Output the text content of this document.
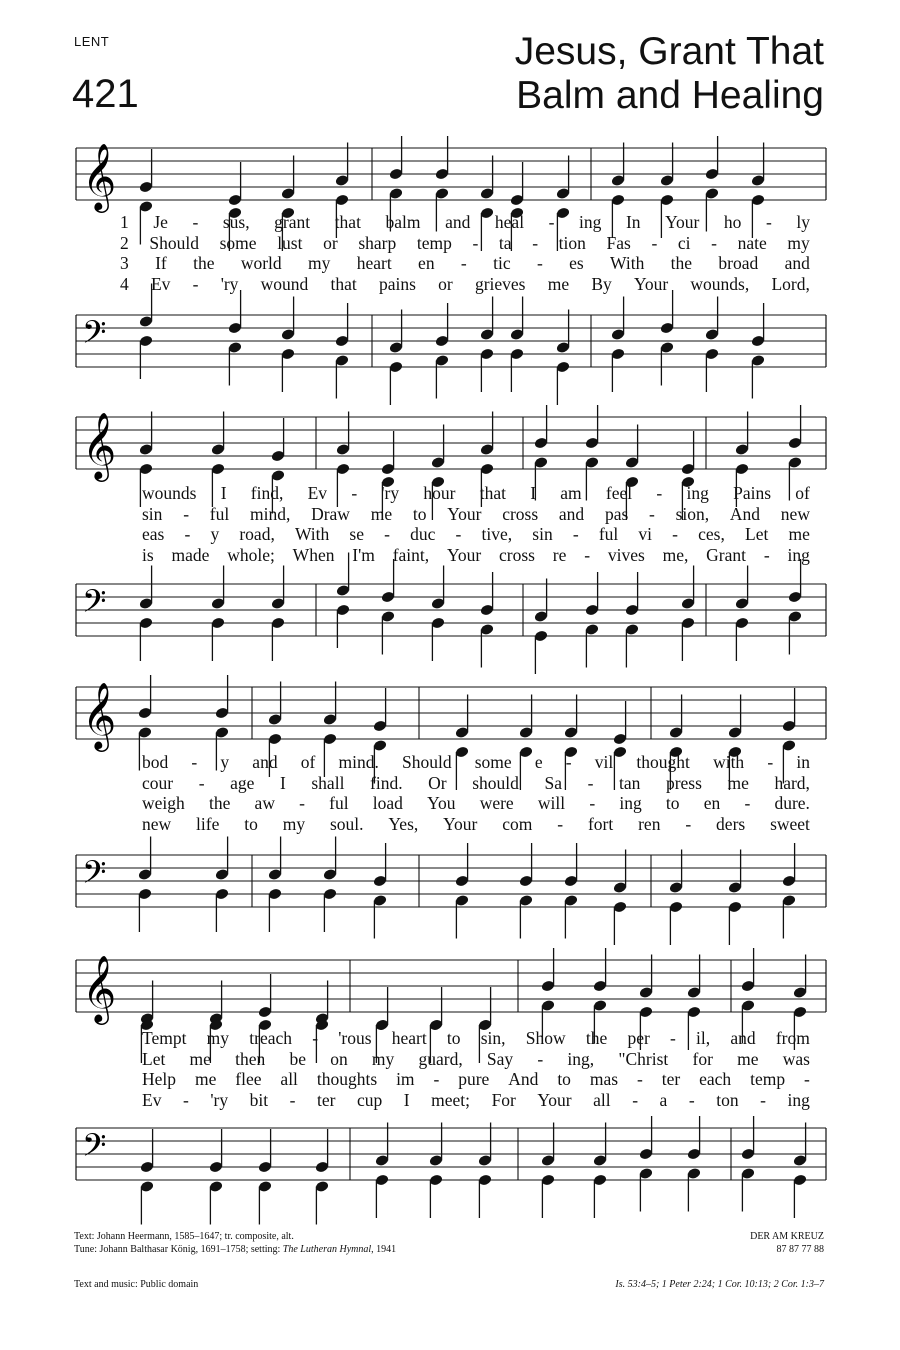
LENT
421
Jesus, Grant That
Balm and Healing
𝄞
𝄢
𝄞
𝄢
𝄞
𝄢
𝄞
𝄢
1 Je - sus, grant that balm and heal - ing In Your ho - ly
2 Should some lust or sharp temp - ta - tion Fas - ci - nate my
3 If the world my heart en - tic - es With the broad and
4 Ev - 'ry wound that pains or grieves me By Your wounds, Lord,
wounds I find, Ev - 'ry hour that I am feel - ing Pains of
sin - ful mind, Draw me to Your cross and pas - sion, And new
eas - y road, With se - duc - tive, sin - ful vi - ces, Let me
is made whole; When I'm faint, Your cross re - vives me, Grant - ing
bod - y and of mind. Should some e - vil thought with - in
cour - age I shall find. Or should Sa - tan press me hard,
weigh the aw - ful load You were will - ing to en - dure.
new life to my soul. Yes, Your com - fort ren - ders sweet
Tempt my treach - 'rous heart to sin, Show the per - il, and from
Let me then be on my guard, Say - ing, "Christ for me was
Help me flee all thoughts im - pure And to mas - ter each temp -
Ev - 'ry bit - ter cup I meet; For Your all - a - ton - ing
Text: Johann Heermann, 1585–1647; tr. composite, alt.
Tune: Johann Balthasar König, 1691–1758; setting: The Lutheran Hymnal, 1941
DER AM KREUZ
87 87 77 88
Text and music: Public domain	Is. 53:4–5; 1 Peter 2:24; 1 Cor. 10:13; 2 Cor. 1:3–7
